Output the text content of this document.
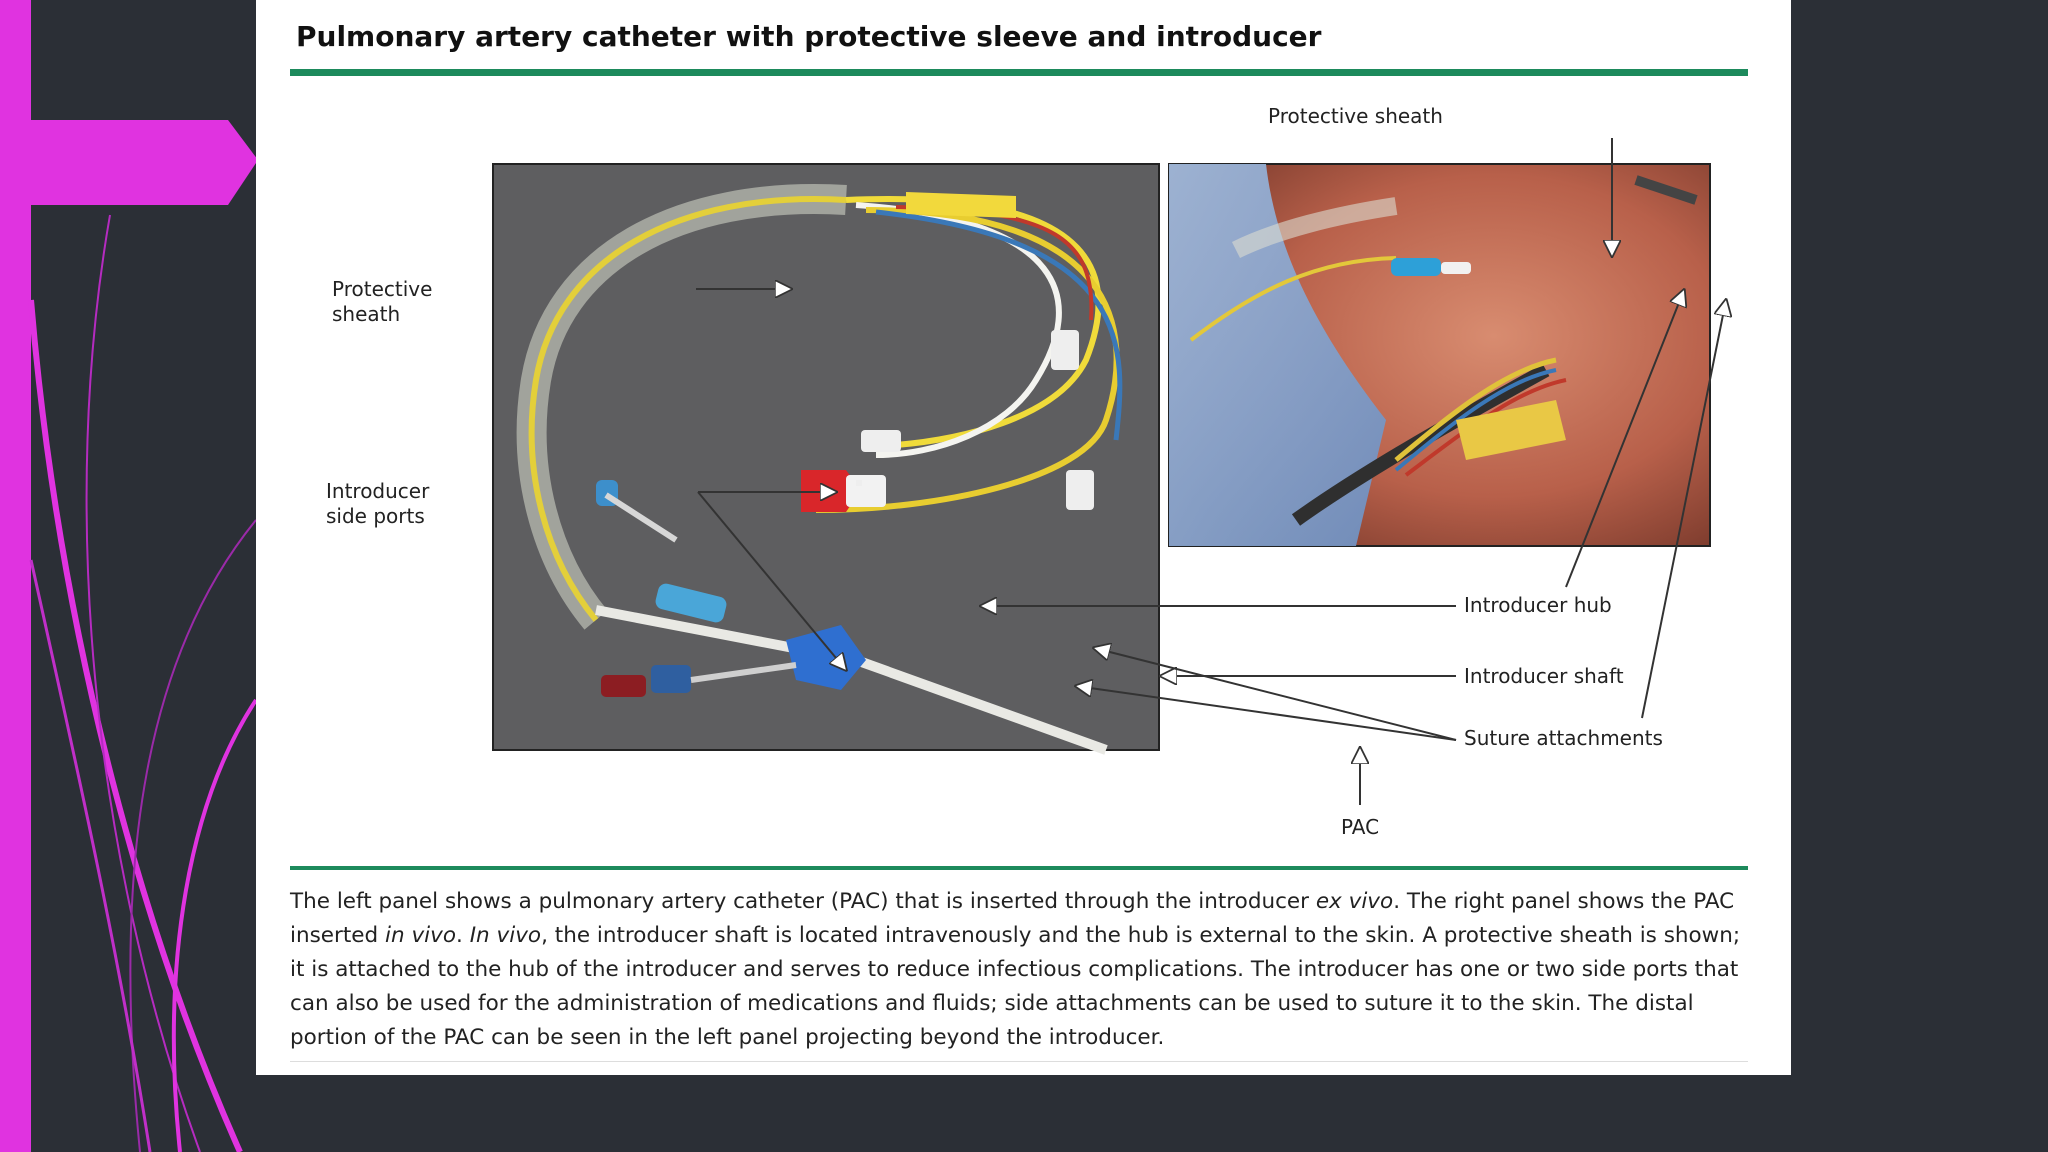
Pulmonary artery catheter with protective sleeve and introducer
Protective
sheath
Introducer
side ports
Protective sheath
Introducer hub
Introducer shaft
Suture attachments
PAC
The left panel shows a pulmonary artery catheter (PAC) that is inserted through the introducer ex vivo. The right panel shows the PAC inserted in vivo. In vivo, the introducer shaft is located intravenously and the hub is external to the skin. A protective sheath is shown; it is attached to the hub of the introducer and serves to reduce infectious complications. The introducer has one or two side ports that can also be used for the administration of medications and fluids; side attachments can be used to suture it to the skin. The distal portion of the PAC can be seen in the left panel projecting beyond the introducer.
